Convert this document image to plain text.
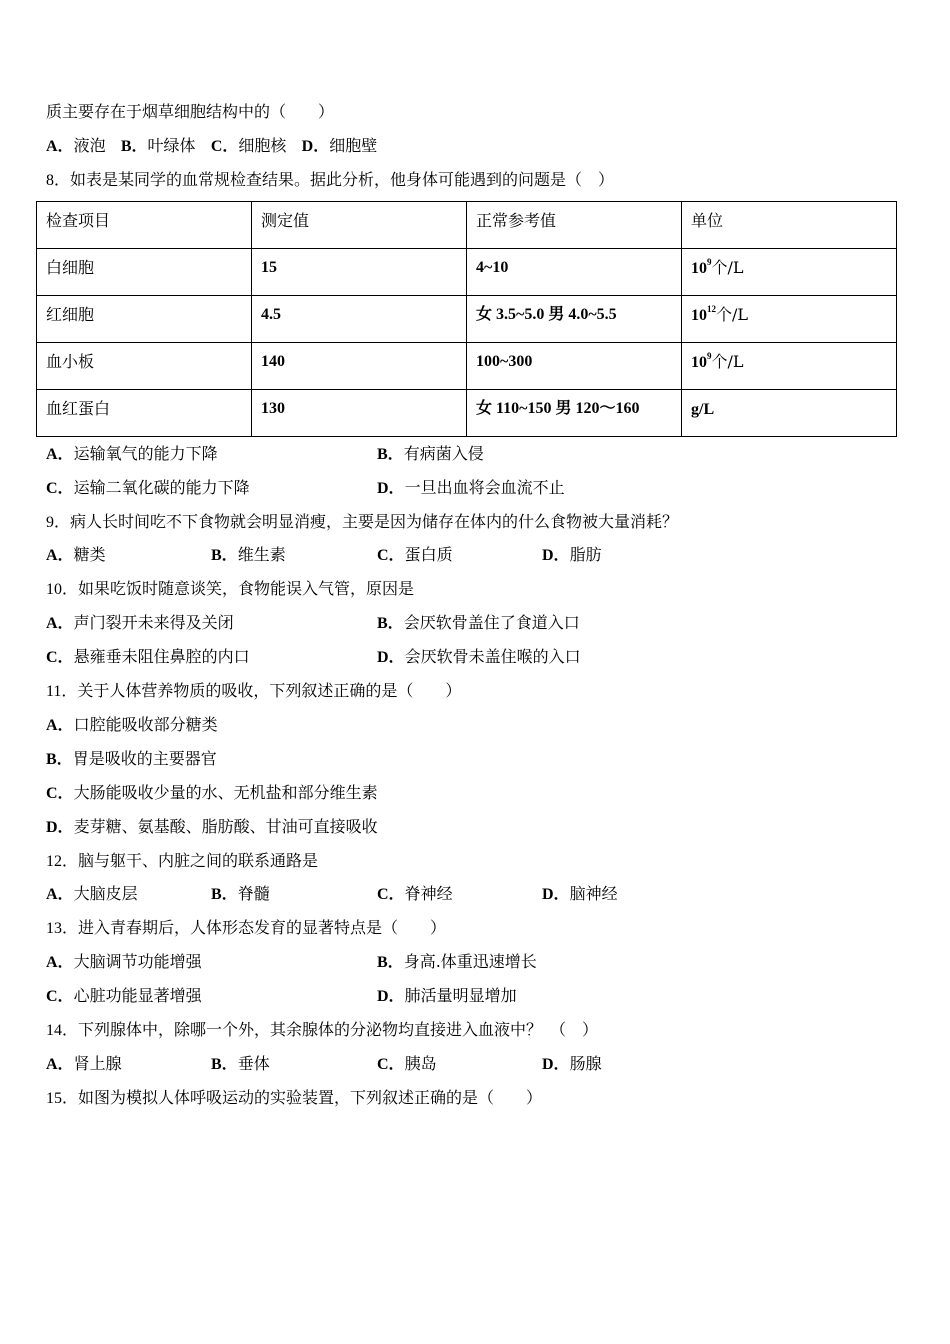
质主要存在于烟草细胞结构中的（　　）
A．液泡 B．叶绿体 C．细胞核 D．细胞壁
8．如表是某同学的血常规检查结果。据此分析，他身体可能遇到的问题是（　）
检查项目	测定值	正常参考值	单位
白细胞	15	4~10	$10^9$个/L
红细胞	4.5	女 3.5~5.0 男 4.0~5.5	$10^{12}$个/L
血小板	140	100~300	$10^9$个/L
血红蛋白	130	女 110~150 男 120～160	g/L
A．运输氧气的能力下降	B．有病菌入侵
C．运输二氧化碳的能力下降	D．一旦出血将会血流不止
9．病人长时间吃不下食物就会明显消瘦，主要是因为储存在体内的什么食物被大量消耗？
A．糖类	B．维生素	C．蛋白质	D．脂肪
10．如果吃饭时随意谈笑，食物能误入气管，原因是
A．声门裂开未来得及关闭	B．会厌软骨盖住了食道入口
C．悬雍垂未阻住鼻腔的内口	D．会厌软骨未盖住喉的入口
11．关于人体营养物质的吸收，下列叙述正确的是（　　）
A．口腔能吸收部分糖类
B．胃是吸收的主要器官
C．大肠能吸收少量的水、无机盐和部分维生素
D．麦芽糖、氨基酸、脂肪酸、甘油可直接吸收
12．脑与躯干、内脏之间的联系通路是
A．大脑皮层	B．脊髓	C．脊神经	D．脑神经
13．进入青春期后，人体形态发育的显著特点是（　　）
A．大脑调节功能增强	B．身高.体重迅速增长
C．心脏功能显著增强	D．肺活量明显增加
14．下列腺体中，除哪一个外，其余腺体的分泌物均直接进入血液中？　（　）
A．肾上腺	B．垂体	C．胰岛	D．肠腺
15．如图为模拟人体呼吸运动的实验装置，下列叙述正确的是（　　）
